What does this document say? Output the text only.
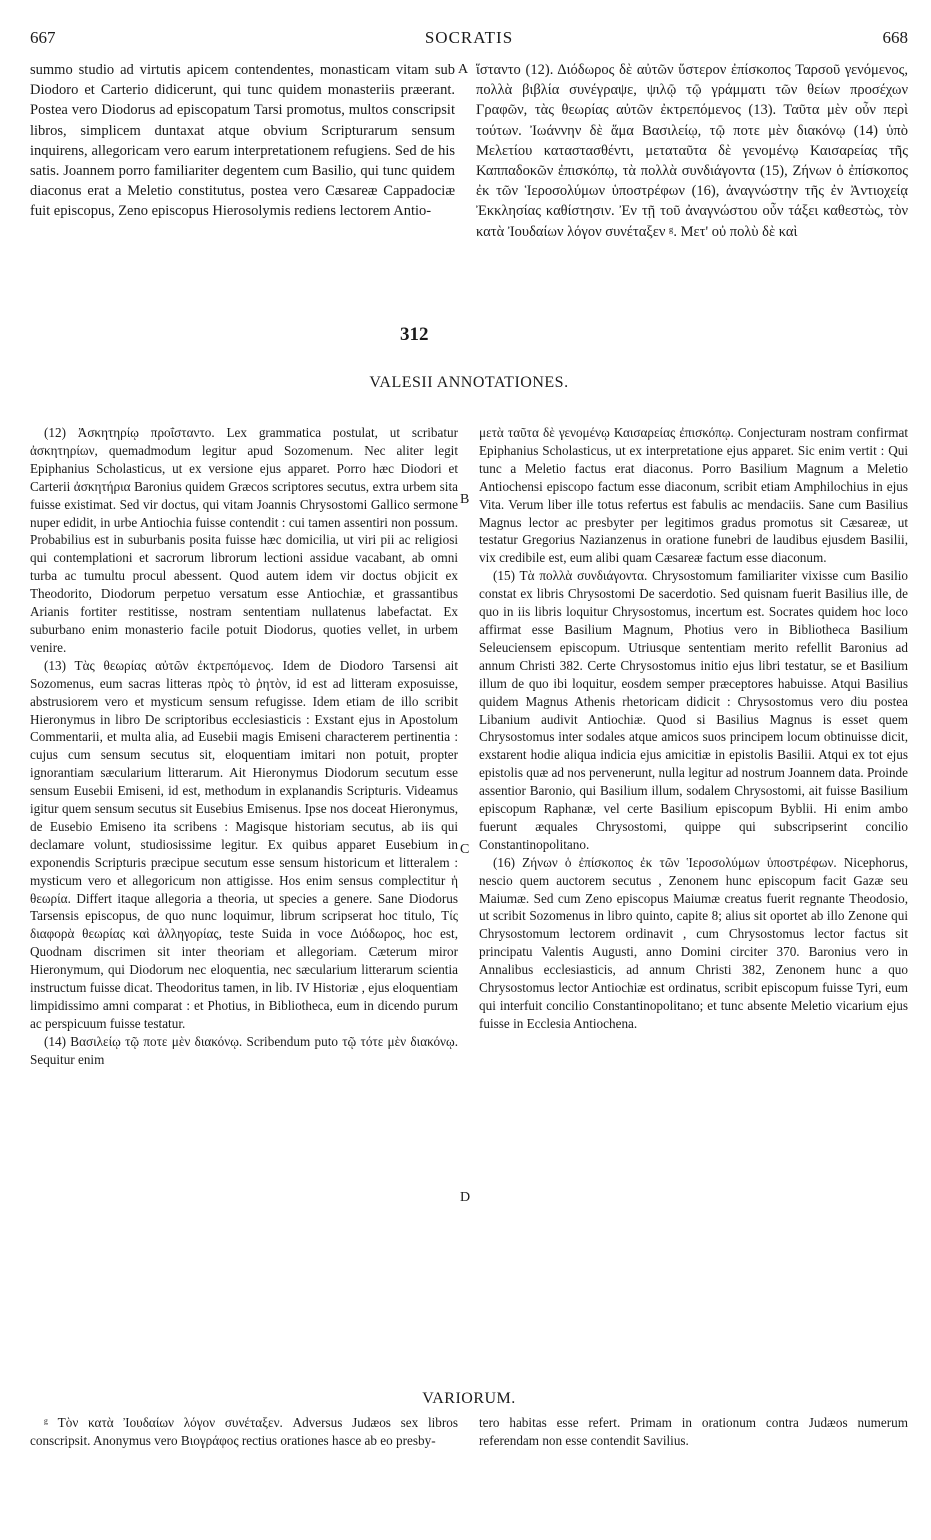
667	SOCRATIS	668
summo studio ad virtutis apicem contendentes, monasticam vitam sub Diodoro et Carterio didicerunt, qui tunc quidem monasteriis præerant. Postea vero Diodorus ad episcopatum Tarsi promotus, multos conscripsit libros, simplicem duntaxat atque obvium Scripturarum sensum inquirens, allegoricam vero earum interpretationem refugiens. Sed de his satis. Joannem porro familiariter degentem cum Basilio, qui tunc quidem diaconus erat a Meletio constitutus, postea vero Cæsareæ Cappadociæ fuit episcopus, Zeno episcopus Hierosolymis rediens lectorem Antio-
ἵσταντο (12). Διόδωρος δὲ αὐτῶν ὕστερον ἐπίσκοπος Ταρσοῦ γενόμενος, πολλὰ βιβλία συνέγραψε, ψιλῷ τῷ γράμματι τῶν θείων προσέχων Γραφῶν, τὰς θεωρίας αὐτῶν ἐκτρεπόμενος (13). Ταῦτα μὲν οὖν περὶ τούτων. Ἰωάννην δὲ ἅμα Βασιλείῳ, τῷ ποτε μὲν διακόνῳ (14) ὑπὸ Μελετίου καταστασθέντι, μεταταῦτα δὲ γενομένῳ Καισαρείας τῆς Καππαδοκῶν ἐπισκόπῳ, τὰ πολλὰ συνδιάγοντα (15), Ζήνων ὁ ἐπίσκοπος ἐκ τῶν Ἱεροσολύμων ὑποστρέφων (16), ἀναγνώστην τῆς ἐν Ἀντιοχείᾳ Ἐκκλησίας καθίστησιν. Ἐν τῇ τοῦ ἀναγνώστου οὖν τάξει καθεστὼς, τὸν κατὰ Ἰουδαίων λόγον συνέταξεν ᵍ. Μετ' οὐ πολὺ δὲ καὶ
A
312
VALESII ANNOTATIONES.

(12) Ἀσκητηρίῳ προΐσταντο. Lex grammatica postulat, ut scribatur ἀσκητηρίων, quemadmodum legitur apud Sozomenum. Nec aliter legit Epiphanius Scholasticus, ut ex versione ejus apparet. Porro hæc Diodori et Carterii ἀσκητήρια Baronius quidem Græcos scriptores secutus, extra urbem sita fuisse existimat. Sed vir doctus, qui vitam Joannis Chrysostomi Gallico sermone nuper edidit, in urbe Antiochia fuisse contendit : cui tamen assentiri non possum. Probabilius est in suburbanis posita fuisse hæc domicilia, ut viri pii ac religiosi qui contemplationi et sacrorum librorum lectioni assidue vacabant, ab omni turba ac tumultu procul abessent. Quod autem idem vir doctus objicit ex Theodorito, Diodorum perpetuo versatum esse Antiochiæ, et grassantibus Arianis fortiter restitisse, nostram sententiam nullatenus labefactat. Ex suburbano enim monasterio facile potuit Diodorus, quoties vellet, in urbem venire.

(13) Τὰς θεωρίας αὐτῶν ἐκτρεπόμενος. Idem de Diodoro Tarsensi ait Sozomenus, eum sacras litteras πρὸς τὸ ῥητὸν, id est ad litteram exposuisse, abstrusiorem vero et mysticum sensum refugisse. Idem etiam de illo scribit Hieronymus in libro De scriptoribus ecclesiasticis : Exstant ejus in Apostolum Commentarii, et multa alia, ad Eusebii magis Emiseni characterem pertinentia : cujus cum sensum secutus sit, eloquentiam imitari non potuit, propter ignorantiam sæcularium litterarum. Ait Hieronymus Diodorum secutum esse sensum Eusebii Emiseni, id est, methodum in explanandis Scripturis. Videamus igitur quem sensum secutus sit Eusebius Emisenus. Ipse nos doceat Hieronymus, de Eusebio Emiseno ita scribens : Magisque historiam secutus, ab iis qui declamare volunt, studiosissime legitur. Ex quibus apparet Eusebium in exponendis Scripturis præcipue secutum esse sensum historicum et litteralem : mysticum vero et allegoricum non attigisse. Hos enim sensus complectitur ἡ θεωρία. Differt itaque allegoria a theoria, ut species a genere. Sane Diodorus Tarsensis episcopus, de quo nunc loquimur, librum scripserat hoc titulo, Τίς διαφορὰ θεωρίας καὶ ἀλληγορίας, teste Suida in voce Διόδωρος, hoc est, Quodnam discrimen sit inter theoriam et allegoriam. Cæterum miror Hieronymum, qui Diodorum nec eloquentia, nec sæcularium litterarum scientia instructum fuisse dicat. Theodoritus tamen, in lib. IV Historiæ , ejus eloquentiam limpidissimo amni comparat : et Photius, in Bibliotheca, eum in dicendo purum ac perspicuum fuisse testatur.

(14) Βασιλείῳ τῷ ποτε μὲν διακόνῳ. Scribendum puto τῷ τότε μὲν διακόνῳ. Sequitur enim

μετὰ ταῦτα δὲ γενομένῳ Καισαρείας ἐπισκόπῳ. Conjecturam nostram confirmat Epiphanius Scholasticus, ut ex interpretatione ejus apparet. Sic enim vertit : Qui tunc a Meletio factus erat diaconus. Porro Basilium Magnum a Meletio Antiochensi episcopo factum esse diaconum, scribit etiam Amphilochius in ejus Vita. Verum liber ille totus refertus est fabulis ac mendaciis. Sane cum Basilius Magnus lector ac presbyter per legitimos gradus promotus sit Cæsareæ, ut testatur Gregorius Nazianzenus in oratione funebri de laudibus ejusdem Basilii, vix credibile est, eum alibi quam Cæsareæ factum esse diaconum.

(15) Τὰ πολλὰ συνδιάγοντα. Chrysostomum familiariter vixisse cum Basilio constat ex libris Chrysostomi De sacerdotio. Sed quisnam fuerit Basilius ille, de quo in iis libris loquitur Chrysostomus, incertum est. Socrates quidem hoc loco affirmat esse Basilium Magnum, Photius vero in Bibliotheca Basilium Seleuciensem episcopum. Utriusque sententiam merito refellit Baronius ad annum Christi 382. Certe Chrysostomus initio ejus libri testatur, se et Basilium illum de quo ibi loquitur, eosdem semper præceptores habuisse. Atqui Basilius quidem Magnus Athenis rhetoricam didicit : Chrysostomus vero diu postea Libanium audivit Antiochiæ. Quod si Basilius Magnus is esset quem Chrysostomus inter sodales atque amicos suos principem locum obtinuisse dicit, exstarent hodie aliqua indicia ejus amicitiæ in epistolis Basilii. Atqui ex tot ejus epistolis quæ ad nos pervenerunt, nulla legitur ad nostrum Joannem data. Proinde assentior Baronio, qui Basilium illum, sodalem Chrysostomi, ait fuisse Basilium episcopum Raphanæ, vel certe Basilium episcopum Byblii. Hi enim ambo fuerunt æquales Chrysostomi, quippe qui subscripserint concilio Constantinopolitano.

(16) Ζήνων ὁ ἐπίσκοπος ἐκ τῶν Ἱεροσολύμων ὑποστρέφων. Nicephorus, nescio quem auctorem secutus , Zenonem hunc episcopum facit Gazæ seu Maiumæ. Sed cum Zeno episcopus Maiumæ creatus fuerit regnante Theodosio, ut scribit Sozomenus in libro quinto, capite 8; alius sit oportet ab illo Zenone qui Chrysostomum lectorem ordinavit , cum Chrysostomus lector factus sit principatu Valentis Augusti, anno Domini circiter 370. Baronius vero in Annalibus ecclesiasticis, ad annum Christi 382, Zenonem hunc a quo Chrysostomus lector Antiochiæ est ordinatus, scribit episcopum fuisse Tyri, eum qui interfuit concilio Constantinopolitano; et tunc absente Meletio vicarium ejus fuisse in Ecclesia Antiochena.

B
C
D
VARIORUM.

ᵍ Τὸν κατὰ Ἰουδαίων λόγον συνέταξεν. Adversus Judæos sex libros conscripsit. Anonymus vero Βιογράφος rectius orationes hasce ab eo presby-

tero habitas esse refert. Primam in orationum contra Judæos numerum referendam non esse contendit Savilius.
